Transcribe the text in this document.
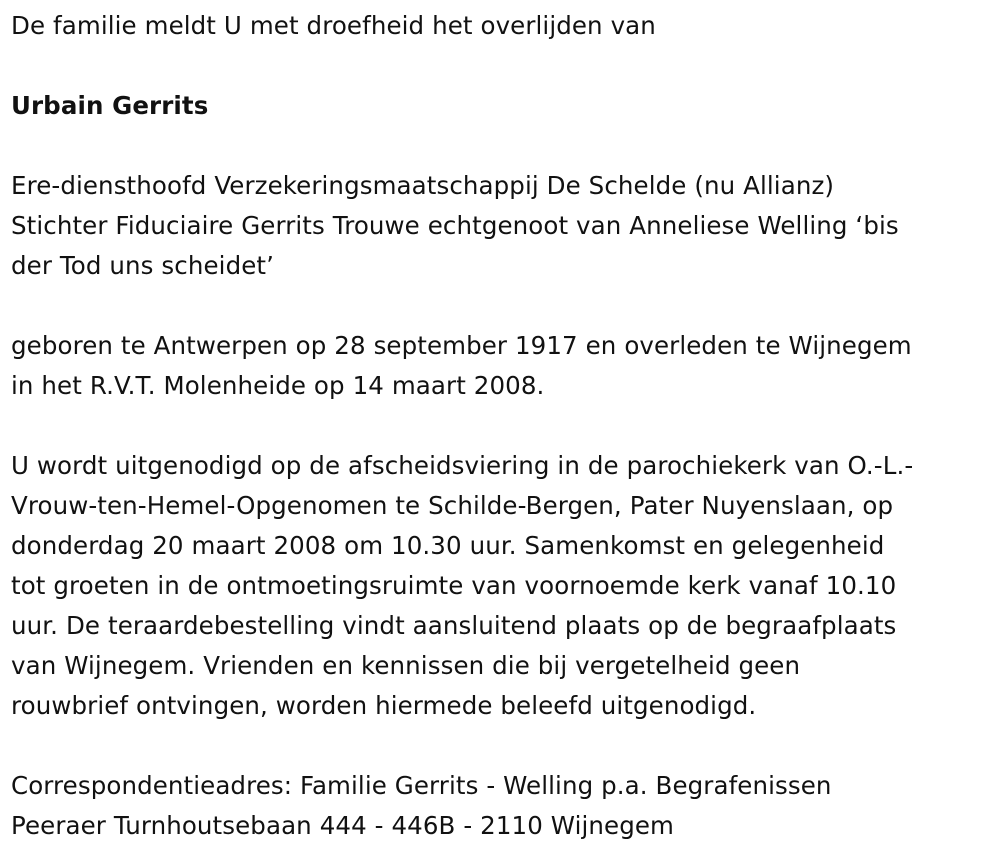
De familie meldt U met droefheid het overlijden van

Urbain Gerrits

Ere-diensthoofd Verzekeringsmaatschappij De Schelde (nu Allianz)
Stichter Fiduciaire Gerrits Trouwe echtgenoot van Anneliese Welling ‘bis
der Tod uns scheidet’

geboren te Antwerpen op 28 september 1917 en overleden te Wijnegem
in het R.V.T. Molenheide op 14 maart 2008.

U wordt uitgenodigd op de afscheidsviering in de parochiekerk van O.-L.-
Vrouw-ten-Hemel-Opgenomen te Schilde-Bergen, Pater Nuyenslaan, op
donderdag 20 maart 2008 om 10.30 uur. Samenkomst en gelegenheid
tot groeten in de ontmoetingsruimte van voornoemde kerk vanaf 10.10
uur. De teraardebestelling vindt aansluitend plaats op de begraafplaats
van Wijnegem. Vrienden en kennissen die bij vergetelheid geen
rouwbrief ontvingen, worden hiermede beleefd uitgenodigd.

Correspondentieadres: Familie Gerrits - Welling p.a. Begrafenissen
Peeraer Turnhoutsebaan 444 - 446B - 2110 Wijnegem
